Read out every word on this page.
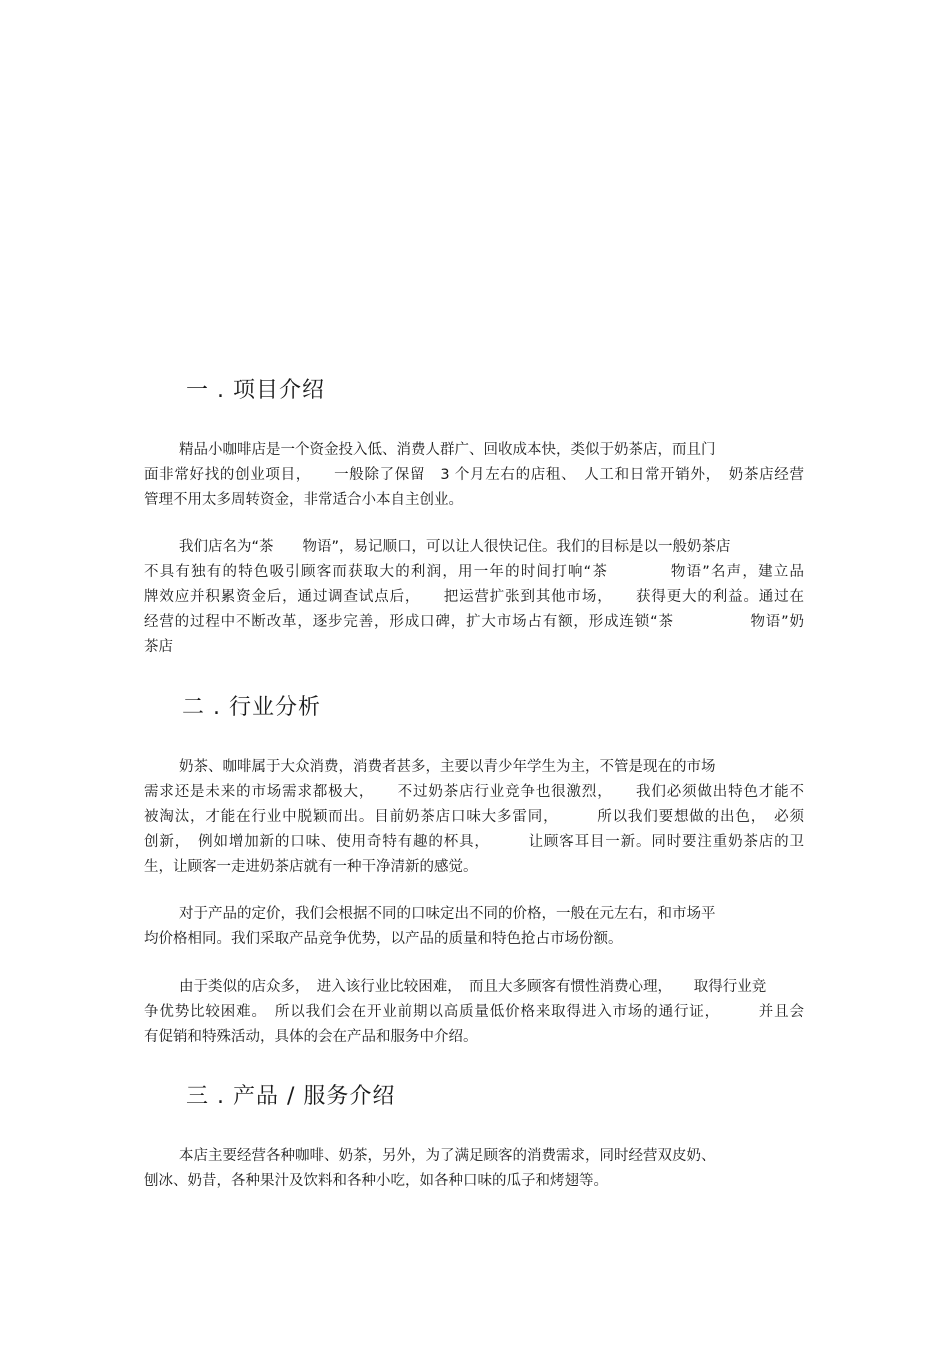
一 . 项目介绍
精品小咖啡店是一个资金投入低、消费人群广、回收成本快，类似于奶茶店，而且门
面非常好找的创业项目，　　一般除了保留　3 个月左右的店租、　人工和日常开销外，　奶茶店经营
管理不用太多周转资金，非常适合小本自主创业。
我们店名为“茶　　物语”，易记顺口，可以让人很快记住。我们的目标是以一般奶茶店
不具有独有的特色吸引顾客而获取大的利润，用一年的时间打响“茶　　　　物语”名声，建立品
牌效应并积累资金后，通过调查试点后，　　把运营扩张到其他市场，　　获得更大的利益。通过在
经营的过程中不断改革，逐步完善，形成口碑，扩大市场占有额，形成连锁“茶　　　　　物语”奶
茶店
二 . 行业分析
奶茶、咖啡属于大众消费，消费者甚多，主要以青少年学生为主，不管是现在的市场
需求还是未来的市场需求都极大，　　不过奶茶店行业竞争也很激烈，　　我们必须做出特色才能不
被淘汰，才能在行业中脱颖而出。目前奶茶店口味大多雷同，　　　所以我们要想做的出色，　必须
创新，　例如增加新的口味、使用奇特有趣的杯具，　　　让顾客耳目一新。同时要注重奶茶店的卫
生，让顾客一走进奶茶店就有一种干净清新的感觉。
对于产品的定价，我们会根据不同的口味定出不同的价格，一般在元左右，和市场平
均价格相同。我们采取产品竞争优势，以产品的质量和特色抢占市场份额。
由于类似的店众多，　进入该行业比较困难，　而且大多顾客有惯性消费心理，　　取得行业竞
争优势比较困难。　所以我们会在开业前期以高质量低价格来取得进入市场的通行证，　　　并且会
有促销和特殊活动，具体的会在产品和服务中介绍。
三 . 产品 / 服务介绍
本店主要经营各种咖啡、奶茶，另外，为了满足顾客的消费需求，同时经营双皮奶、
刨冰、奶昔，各种果汁及饮料和各种小吃，如各种口味的瓜子和烤翅等。
